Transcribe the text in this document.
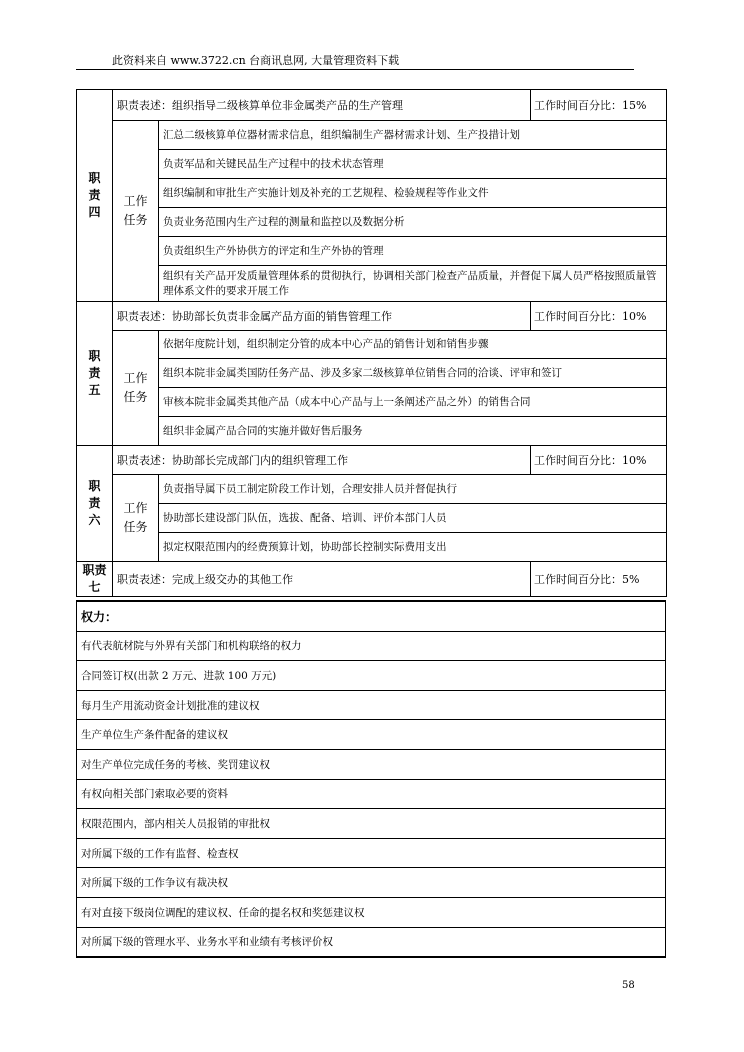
此资料来自 www.3722.cn 台商讯息网, 大量管理资料下载
职
责
四	职责表述：组织指导二级核算单位非金属类产品的生产管理		工作时间百分比：15%
	工作
任务	汇总二级核算单位器材需求信息，组织编制生产器材需求计划、生产投措计划	
		负责军品和关键民品生产过程中的技术状态管理	
		组织编制和审批生产实施计划及补充的工艺规程、检验规程等作业文件	
		负责业务范围内生产过程的测量和监控以及数据分析	
		负责组织生产外协供方的评定和生产外协的管理	
		组织有关产品开发质量管理体系的贯彻执行，协调相关部门检查产品质量，并督促下属人员严格按照质量管理体系文件的要求开展工作	
职
责
五	职责表述：协助部长负责非金属产品方面的销售管理工作		工作时间百分比：10%
	工作
任务	依据年度院计划，组织制定分管的成本中心产品的销售计划和销售步骤	
		组织本院非金属类国防任务产品、涉及多家二级核算单位销售合同的洽谈、评审和签订	
		审核本院非金属类其他产品（成本中心产品与上一条阐述产品之外）的销售合同	
		组织非金属产品合同的实施并做好售后服务	
职
责
六	职责表述：协助部长完成部门内的组织管理工作		工作时间百分比：10%
	工作
任务	负责指导属下员工制定阶段工作计划，合理安排人员并督促执行	
		协助部长建设部门队伍，选拔、配备、培训、评价本部门人员	
		拟定权限范围内的经费预算计划，协助部长控制实际费用支出	
职责
七	职责表述：完成上级交办的其他工作		工作时间百分比：5%
权力：
有代表航材院与外界有关部门和机构联络的权力
合同签订权(出款 2 万元、进款 100 万元)
每月生产用流动资金计划批准的建议权
生产单位生产条件配备的建议权
对生产单位完成任务的考核、奖罚建议权
有权向相关部门索取必要的资料
权限范围内，部内相关人员报销的审批权
对所属下级的工作有监督、检查权
对所属下级的工作争议有裁决权
有对直接下级岗位调配的建议权、任命的提名权和奖惩建议权
对所属下级的管理水平、业务水平和业绩有考核评价权
58
